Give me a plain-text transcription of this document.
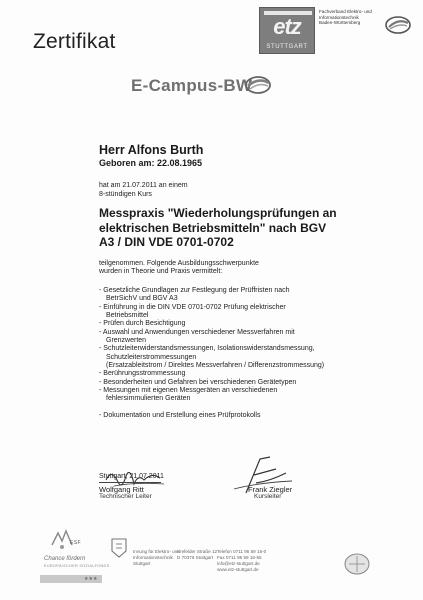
Zertifikat
etz
STUTTGART
Fachverband Elektro- und
Informationstechnik
Baden-Württemberg
E-Campus-BW
Herr Alfons Burth
Geboren am: 22.08.1965
hat am 21.07.2011 an einem
8-stündigen Kurs
Messpraxis "Wiederholungsprüfungen an
elektrischen Betriebsmitteln" nach BGV
A3 / DIN VDE 0701-0702
teilgenommen. Folgende Ausbildungsschwerpunkte
wurden in Theorie und Praxis vermittelt:
- Gesetzliche Grundlagen zur Festlegung der Prüffristen nach
BetrSichV und BGV A3
- Einführung in die DIN VDE 0701-0702 Prüfung elektrischer
Betriebsmittel
- Prüfen durch Besichtigung
- Auswahl und Anwendungen verschiedener Messverfahren mit
Grenzwerten
- Schutzleiterwiderstandsmessungen, Isolationswiderstandsmessung,
Schutzleiterstrommessungen
(Ersatzableitstrom / Direktes Messverfahren / Differenzstrommessung)
- Berührungsstrommessung
- Besonderheiten und Gefahren bei verschiedenen Gerätetypen
- Messungen mit eigenen Messgeräten an verschiedenen
fehlersimmulierten Geräten
- Dokumentation und Erstellung eines Prüfprotokolls
Stuttgart, 21.07.2011
Wolfgang Ritt
Technischer Leiter
Frank Ziegler
Kursleiter
ESF
Chance fördern
EUROPÄISCHER SOZIALFONDS
★★★
Innung für Elektro- und
Informationstechnik
Stuttgart
Krefelder Straße 12
D 70376 Stuttgart
Telefon 0711 95 59 16-0
Fax 0711 95 59 16-55
info@etz-stuttgart.de
www.etz-stuttgart.de
